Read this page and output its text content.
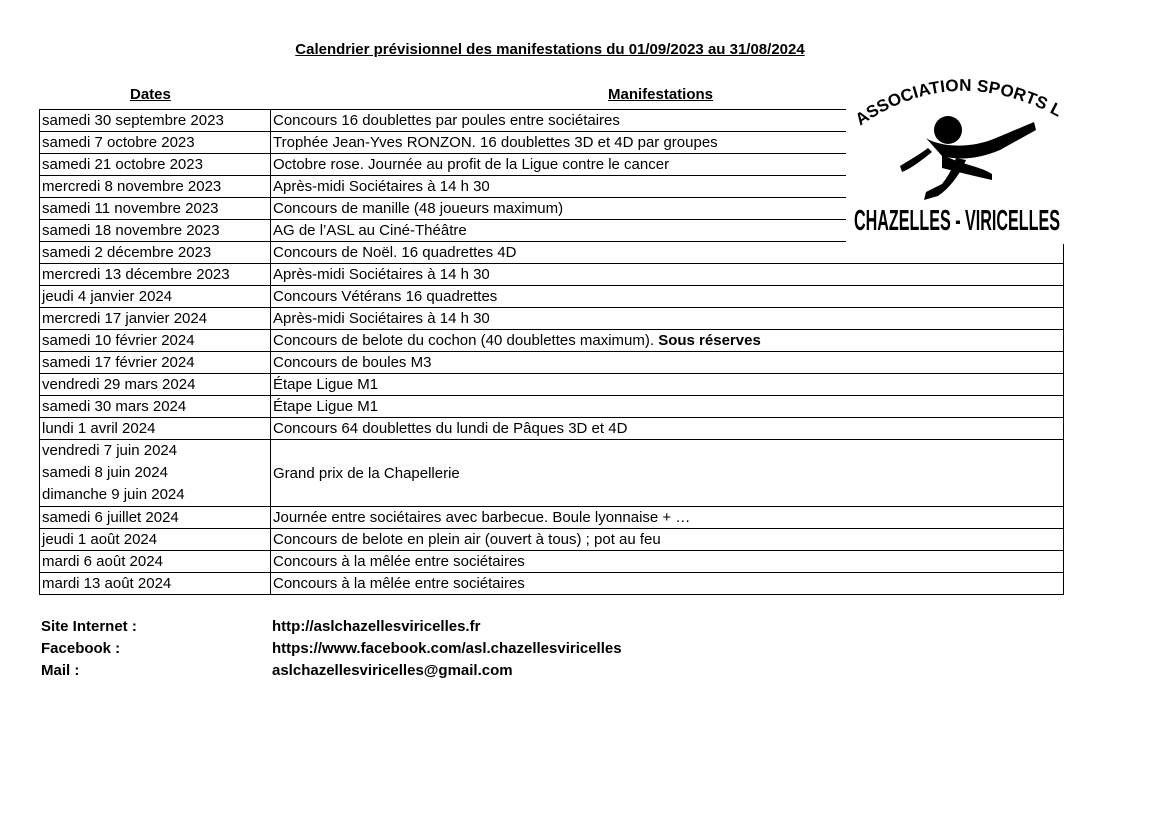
Calendrier prévisionnel des manifestations du 01/09/2023 au 31/08/2024
Dates	Manifestations
samedi 30 septembre 2023	Concours 16 doublettes par poules entre sociétaires
samedi 7 octobre 2023	Trophée Jean-Yves RONZON. 16 doublettes 3D et 4D par groupes
samedi 21 octobre 2023	Octobre rose. Journée au profit de la Ligue contre le cancer
mercredi 8 novembre 2023	Après-midi Sociétaires à 14 h 30
samedi 11 novembre 2023	Concours de manille (48 joueurs maximum)
samedi 18 novembre 2023	AG de l’ASL au Ciné-Théâtre
samedi 2 décembre 2023	Concours de Noël. 16 quadrettes 4D
mercredi 13 décembre 2023	Après-midi Sociétaires à 14 h 30
jeudi 4 janvier 2024	Concours Vétérans 16 quadrettes
mercredi 17 janvier 2024	Après-midi Sociétaires à 14 h 30
samedi 10 février 2024	Concours de belote du cochon (40 doublettes maximum). Sous réserves
samedi 17 février 2024	Concours de boules M3
vendredi 29 mars 2024	Étape Ligue M1
samedi 30 mars 2024	Étape Ligue M1
lundi 1 avril 2024	Concours 64 doublettes du lundi de Pâques 3D et 4D

vendredi 7 juin 2024
samedi 8 juin 2024
dimanche 9 juin 2024	Grand prix de la Chapellerie
samedi 6 juillet 2024	Journée entre sociétaires avec barbecue. Boule lyonnaise + …
jeudi 1 août 2024	Concours de belote en plein air (ouvert à tous) ; pot au feu
mardi 6 août 2024	Concours à la mêlée entre sociétaires
mardi 13 août 2024	Concours à la mêlée entre sociétaires
ASSOCIATION SPORTS L
CHAZELLES - VIRICELLES
Site Internet :	http://aslchazellesviricelles.fr
Facebook :	https://www.facebook.com/asl.chazellesviricelles
Mail :	aslchazellesviricelles@gmail.com
